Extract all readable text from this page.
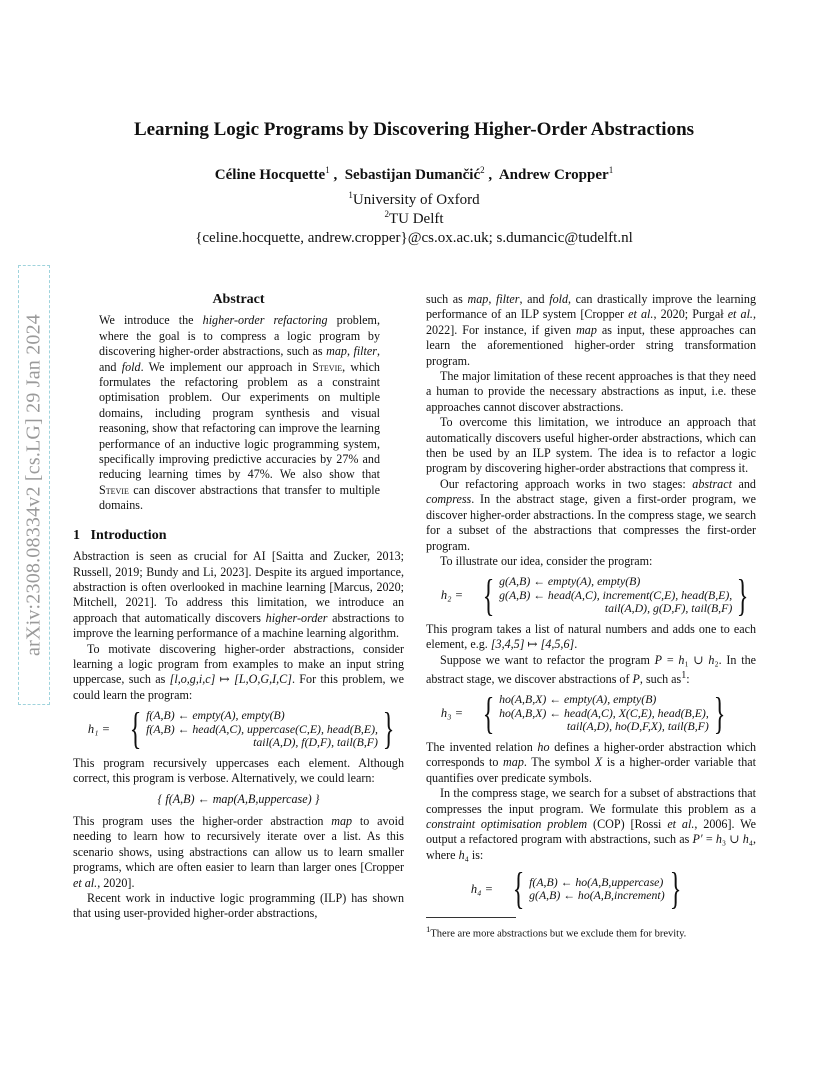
arXiv:2308.08334v2 [cs.LG] 29 Jan 2024
Learning Logic Programs by Discovering Higher-Order Abstractions
Céline Hocquette$^1$ ,  Sebastijan Dumančić$^2$ ,  Andrew Cropper$^1$
$^1$University of Oxford
$^2$TU Delft
{celine.hocquette, andrew.cropper}@cs.ox.ac.uk; s.dumancic@tudelft.nl
Abstract

We introduce the higher-order refactoring problem, where the goal is to compress a logic program by discovering higher-order abstractions, such as map, filter, and fold. We implement our approach in Stevie, which formulates the refactoring problem as a constraint optimisation problem. Our experiments on multiple domains, including program synthesis and visual reasoning, show that refactoring can improve the learning performance of an inductive logic programming system, specifically improving predictive accuracies by 27% and reducing learning times by 47%. We also show that Stevie can discover abstractions that transfer to multiple domains.

1 Introduction

Abstraction is seen as crucial for AI [Saitta and Zucker, 2013; Russell, 2019; Bundy and Li, 2023]. Despite its argued importance, abstraction is often overlooked in machine learning [Marcus, 2020; Mitchell, 2021]. To address this limitation, we introduce an approach that automatically discovers higher-order abstractions to improve the learning performance of a machine learning algorithm.

To motivate discovering higher-order abstractions, consider learning a logic program from examples to make an input string uppercase, such as [l,o,g,i,c] ↦ [L,O,G,I,C]. For this problem, we could learn the program:

h₁ = { f(A,B) ← empty(A), empty(B)
f(A,B) ← head(A,C), uppercase(C,E), head(B,E),
tail(A,D), f(D,F), tail(B,F) }

This program recursively uppercases each element. Although correct, this program is verbose. Alternatively, we could learn:

{ f(A,B) ← map(A,B,uppercase) }

This program uses the higher-order abstraction map to avoid needing to learn how to recursively iterate over a list. As this scenario shows, using abstractions can allow us to learn smaller programs, which are often easier to learn than larger ones [Cropper et al., 2020].

Recent work in inductive logic programming (ILP) has shown that using user-provided higher-order abstractions,

such as map, filter, and fold, can drastically improve the learning performance of an ILP system [Cropper et al., 2020; Purgał et al., 2022]. For instance, if given map as input, these approaches can learn the aforementioned higher-order string transformation program.

The major limitation of these recent approaches is that they need a human to provide the necessary abstractions as input, i.e. these approaches cannot discover abstractions.

To overcome this limitation, we introduce an approach that automatically discovers useful higher-order abstractions, which can then be used by an ILP system. The idea is to refactor a logic program by discovering higher-order abstractions that compress it.

Our refactoring approach works in two stages: abstract and compress. In the abstract stage, given a first-order program, we discover higher-order abstractions. In the compress stage, we search for a subset of the abstractions that compresses the first-order program.

To illustrate our idea, consider the program:

h₂ = { g(A,B) ← empty(A), empty(B)
g(A,B) ← head(A,C), increment(C,E), head(B,E),
tail(A,D), g(D,F), tail(B,F) }

This program takes a list of natural numbers and adds one to each element, e.g. [3,4,5] ↦ [4,5,6].

Suppose we want to refactor the program P = h₁ ∪ h₂. In the abstract stage, we discover abstractions of P, such $as^1$:

h₃ = { ho(A,B,X) ← empty(A), empty(B)
ho(A,B,X) ← head(A,C), X(C,E), head(B,E),
tail(A,D), ho(D,F,X), tail(B,F) }

The invented relation ho defines a higher-order abstraction which corresponds to map. The symbol X is a higher-order variable that quantifies over predicate symbols.

In the compress stage, we search for a subset of abstractions that compresses the input program. We formulate this problem as a constraint optimisation problem (COP) [Rossi et al., 2006]. We output a refactored program with abstractions, such as P′ = h₃ ∪ h₄, where h₄ is:

h₄ = { f(A,B) ← ho(A,B,uppercase)
g(A,B) ← ho(A,B,increment) }
$^1$There are more abstractions but we exclude them for brevity.
